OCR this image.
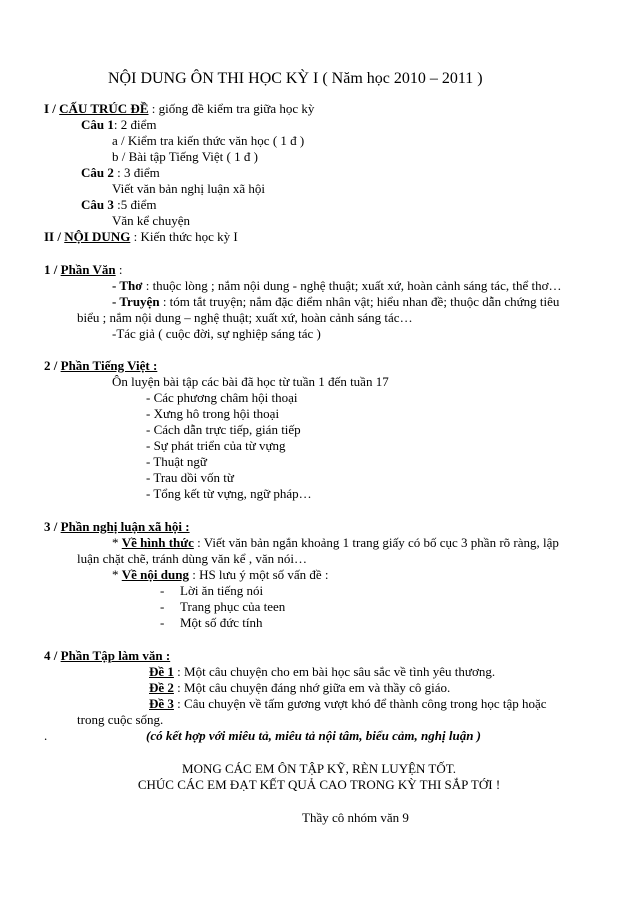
NỘI DUNG ÔN THI HỌC KỲ I ( Năm học 2010 – 2011 )
I / CẤU TRÚC ĐỀ : giống đề kiểm tra giữa học kỳ
Câu 1: 2 điểm
a / Kiểm tra kiến thức văn học ( 1 đ )
b / Bài tập Tiếng Việt ( 1 đ )
Câu 2 : 3 điểm
Viết văn bản nghị luận xã hội
Câu 3 :5 điểm
Văn kể chuyện
II / NỘI DUNG : Kiến thức học kỳ I
1 / Phần Văn :
- Thơ : thuộc lòng ; nắm nội dung - nghệ thuật; xuất xứ, hoàn cảnh sáng tác, thể thơ…
- Truyện : tóm tắt truyện; nắm đặc điểm nhân vật; hiểu nhan đề; thuộc dẫn chứng tiêu
biểu ; nắm nội dung – nghệ thuật; xuất xứ, hoàn cảnh sáng tác…
-Tác giả ( cuộc đời, sự nghiệp sáng tác )
2 / Phần Tiếng Việt :
Ôn luyện bài tập các bài đã học từ tuần 1 đến tuần 17
- Các phương châm hội thoại
- Xưng hô trong hội thoại
- Cách dẫn trực tiếp, gián tiếp
- Sự phát triển của từ vựng
- Thuật ngữ
- Trau dồi vốn từ
- Tổng kết từ vựng, ngữ pháp…
3 / Phần nghị luận xã hội :
* Về hình thức : Viết văn bản ngắn khoảng 1 trang giấy có bố cục 3 phần rõ ràng, lập
luận chặt chẽ, tránh dùng văn kể , văn nói…
* Về nội dung : HS lưu ý một số vấn đề :
- Lời ăn tiếng nói
- Trang phục của teen
- Một số đức tính
4 / Phần Tập làm văn :
Đề 1 : Một câu chuyện cho em bài học sâu sắc về tình yêu thương.
Đề 2 : Một câu chuyện đáng nhớ giữa em và thầy cô giáo.
Đề 3 : Câu chuyện về tấm gương vượt khó để thành công trong học tập hoặc
trong cuộc sống.
.	(có kết hợp với miêu tả, miêu tả nội tâm, biểu cảm, nghị luận )
MONG CÁC EM ÔN TẬP KỸ, RÈN LUYỆN TỐT.
CHÚC CÁC EM ĐẠT KẾT QUẢ CAO TRONG KỲ THI SẮP TỚI !
Thầy cô nhóm văn 9
